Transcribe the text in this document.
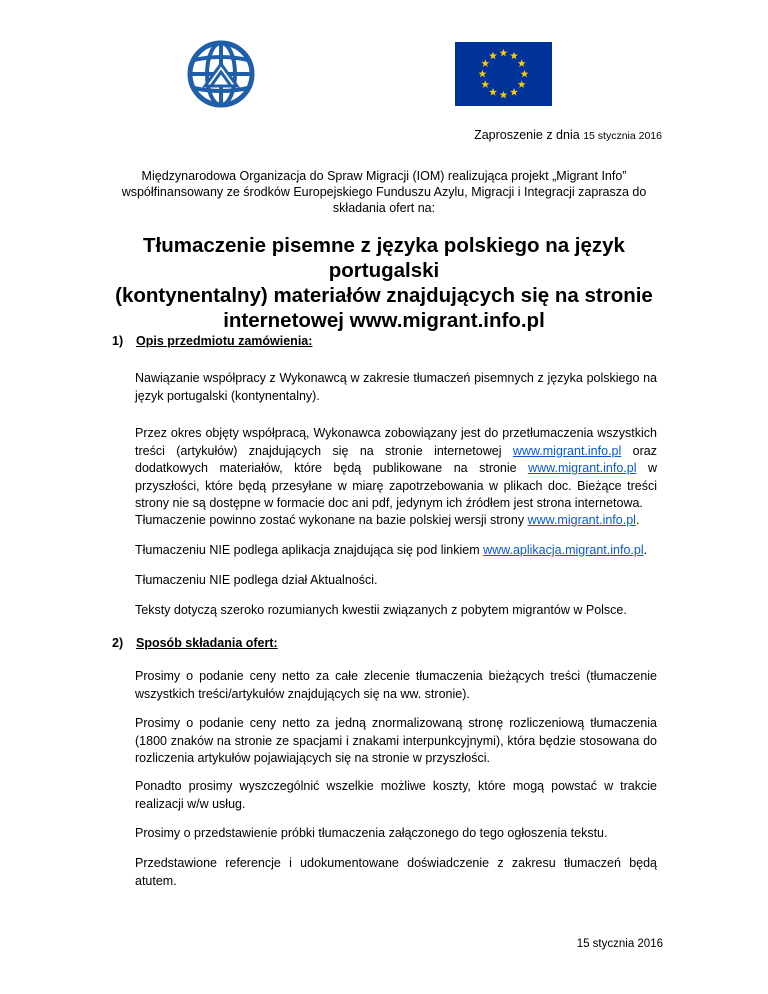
Zaproszenie z dnia 15 stycznia 2016
Międzynarodowa Organizacja do Spraw Migracji (IOM) realizująca projekt „Migrant Info”
współfinansowany ze środków Europejskiego Funduszu Azylu, Migracji i Integracji zaprasza do
składania ofert na:
Tłumaczenie pisemne z języka polskiego na język portugalski
(kontynentalny) materiałów znajdujących się na stronie
internetowej www.migrant.info.pl
1) Opis przedmiotu zamówienia:

Nawiązanie współpracy z Wykonawcą w zakresie tłumaczeń pisemnych z języka polskiego na język portugalski (kontynentalny).

Przez okres objęty współpracą, Wykonawca zobowiązany jest do przetłumaczenia wszystkich treści (artykułów) znajdujących się na stronie internetowej www.migrant.info.pl oraz dodatkowych materiałów, które będą publikowane na stronie www.migrant.info.pl w przyszłości, które będą przesyłane w miarę zapotrzebowania w plikach doc. Bieżące treści strony nie są dostępne w formacie doc ani pdf, jedynym ich źródłem jest strona internetowa.

Tłumaczenie powinno zostać wykonane na bazie polskiej wersji strony www.migrant.info.pl.

Tłumaczeniu NIE podlega aplikacja znajdująca się pod linkiem www.aplikacja.migrant.info.pl.

Tłumaczeniu NIE podlega dział Aktualności.

Teksty dotyczą szeroko rozumianych kwestii związanych z pobytem migrantów w Polsce.

2) Sposób składania ofert:

Prosimy o podanie ceny netto za całe zlecenie tłumaczenia bieżących treści (tłumaczenie wszystkich treści/artykułów znajdujących się na ww. stronie).

Prosimy o podanie ceny netto za jedną znormalizowaną stronę rozliczeniową tłumaczenia (1800 znaków na stronie ze spacjami i znakami interpunkcyjnymi), która będzie stosowana do rozliczenia artykułów pojawiających się na stronie w przyszłości.

Ponadto prosimy wyszczególnić wszelkie możliwe koszty, które mogą powstać w trakcie realizacji w/w usług.

Prosimy o przedstawienie próbki tłumaczenia załączonego do tego ogłoszenia tekstu.

Przedstawione referencje i udokumentowane doświadczenie z zakresu tłumaczeń będą atutem.

15 stycznia 2016
